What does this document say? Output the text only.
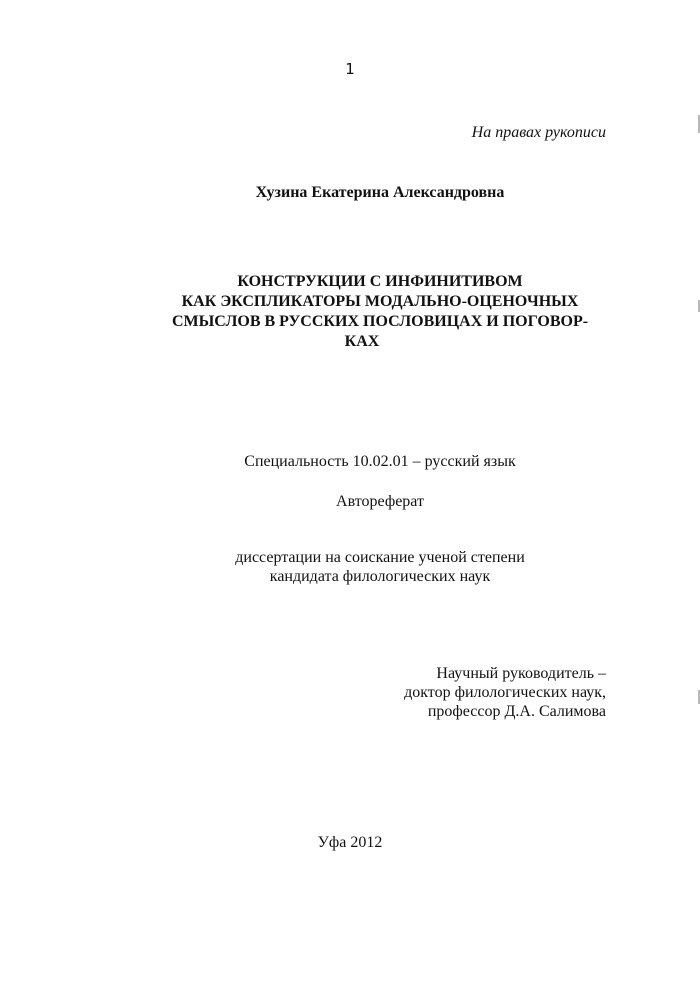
1
На правах рукописи
Хузина Екатерина Александровна
КОНСТРУКЦИИ С ИНФИНИТИВОМ
КАК ЭКСПЛИКАТОРЫ МОДАЛЬНО-ОЦЕНОЧНЫХ
СМЫСЛОВ В РУССКИХ ПОСЛОВИЦАХ И ПОГОВОР-
КАХ
Специальность 10.02.01 – русский язык
Автореферат
диссертации на соискание ученой степени
кандидата филологических наук
Научный руководитель –
доктор филологических наук,
профессор Д.А. Салимова
Уфа 2012
